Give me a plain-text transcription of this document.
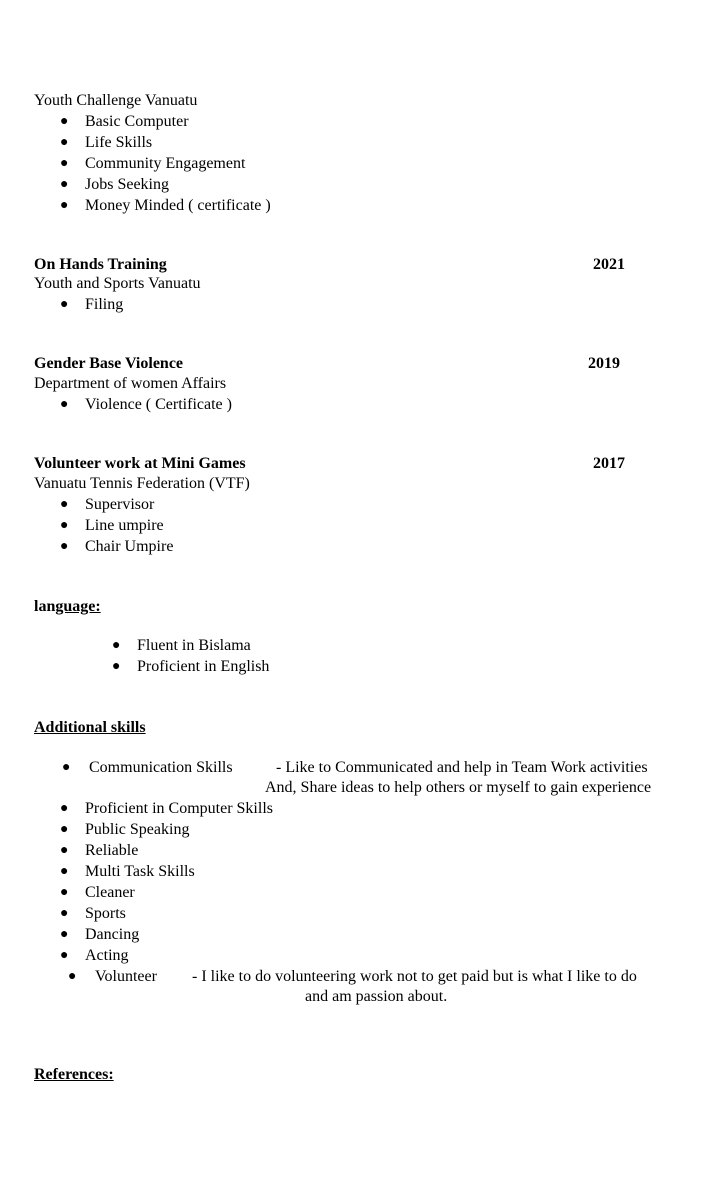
Youth Challenge Vanuatu
● Basic Computer
● Life Skills
● Community Engagement
● Jobs Seeking
● Money Minded ( certificate )
On Hands Training	2021
Youth and Sports Vanuatu
● Filing
Gender Base Violence	2019
Department of women Affairs
● Violence ( Certificate )
Volunteer work at Mini Games	2017
Vanuatu Tennis Federation (VTF)
● Supervisor
● Line umpire
● Chair Umpire
language:
● Fluent in Bislama
● Proficient in English
Additional skills
● Communication Skills	- Like to Communicated and help in Team Work activities
And, Share ideas to help others or myself to gain experience
● Proficient in Computer Skills
● Public Speaking
● Reliable
● Multi Task Skills
● Cleaner
● Sports
● Dancing
● Acting
● Volunteer - I like to do volunteering work not to get paid but is what I like to do
and am passion about.
References:
